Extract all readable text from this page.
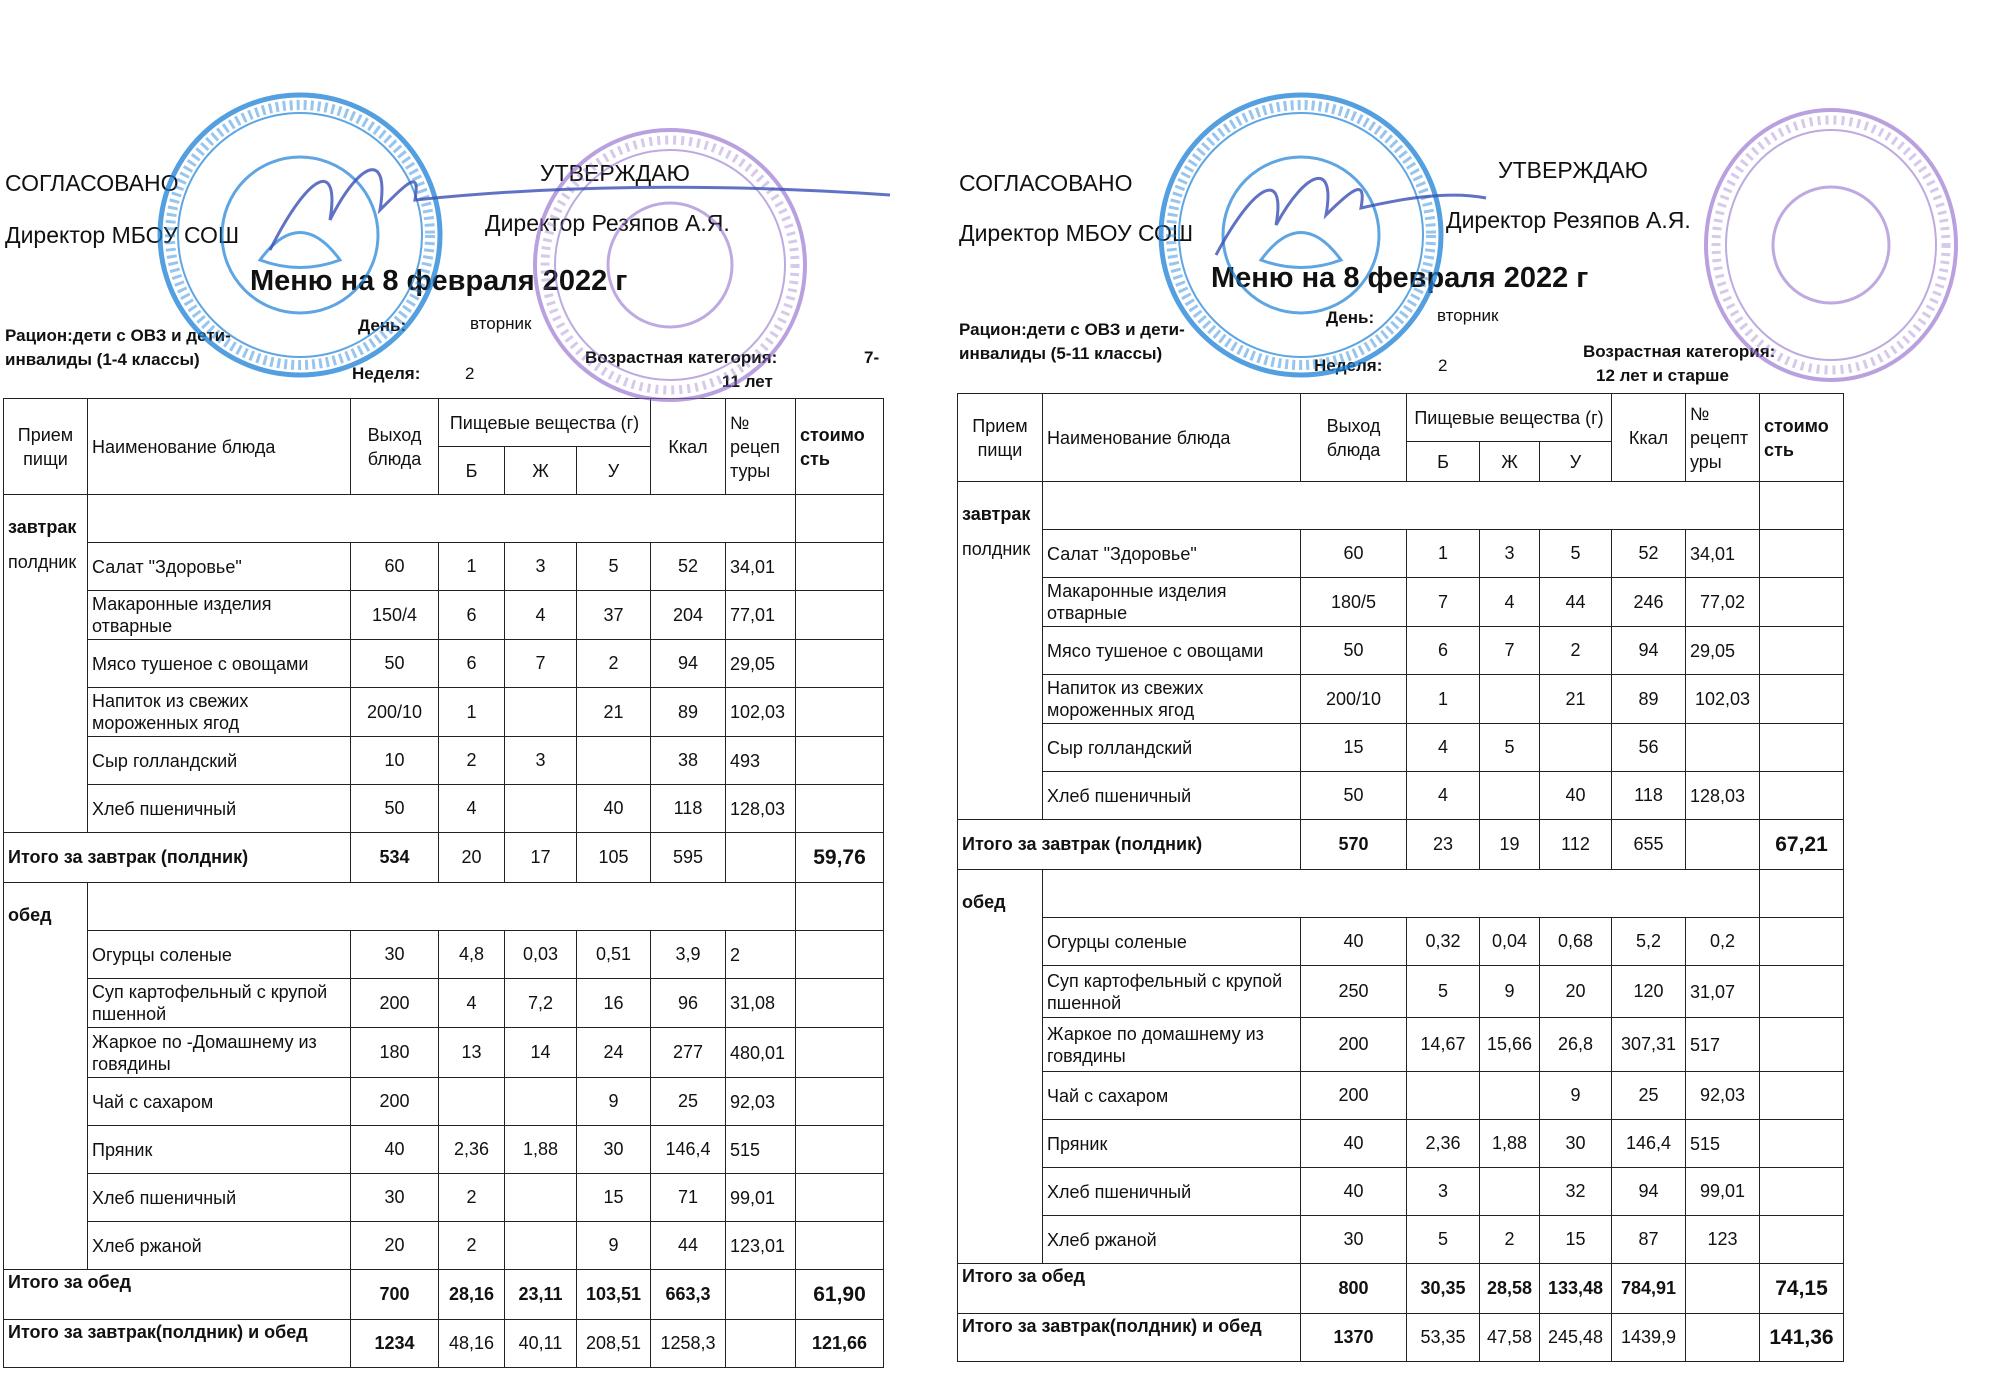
СОГЛАСОВАНО
Директор МБОУ СОШ
УТВЕРЖДАЮ
Директор Резяпов А.Я.
Меню на 8 февраля 2022 г
Рацион:дети с ОВЗ и дети-
инвалиды (1-4 классы)
День:	вторник
Неделя:	2
Возрастная категория:	7-
11 лет
Прием пищи	Наименование блюда	Выход блюда	Пищевые вещества (г)			Ккал	№ рецеп туры	стоимо сть
			Б	Ж	У			

завтрак
полдник								

	Салат "Здоровье"	60	1	3	5	52	34,01	
	Макаронные изделия отварные	150/4	6	4	37	204	77,01	
	Мясо тушеное с овощами	50	6	7	2	94	29,05	
	Напиток из свежих мороженных ягод	200/10	1		21	89	102,03	
	Сыр голландский	10	2	3		38	493	
	Хлеб пшеничный	50	4		40	118	128,03	
Итого за завтрак (полдник)		534	20	17	105	595		59,76

обед								

	Огурцы соленые	30	4,8	0,03	0,51	3,9	2	
	Суп картофельный с крупой пшенной	200	4	7,2	16	96	31,08	
	Жаркое по -Домашнему из говядины	180	13	14	24	277	480,01	
	Чай с сахаром	200			9	25	92,03	
	Пряник	40	2,36	1,88	30	146,4	515	
	Хлеб пшеничный	30	2		15	71	99,01	
	Хлеб ржаной	20	2		9	44	123,01	
Итого за обед		700	28,16	23,11	103,51	663,3		61,90
Итого за завтрак(полдник) и обед		1234	48,16	40,11	208,51	1258,3		121,66
СОГЛАСОВАНО
Директор МБОУ СОШ
УТВЕРЖДАЮ
Директор Резяпов А.Я.
Меню на 8 февраля 2022 г
Рацион:дети с ОВЗ и дети-
инвалиды (5-11 классы)
День:	вторник
Неделя:	2
Возрастная категория:
12 лет и старше
Прием пищи	Наименование блюда	Выход блюда	Пищевые вещества (г)			Ккал	№ рецепт уры	стоимо сть
			Б	Ж	У			

завтрак
полдник								

	Салат "Здоровье"	60	1	3	5	52	34,01	
	Макаронные изделия отварные	180/5	7	4	44	246	77,02	
	Мясо тушеное с овощами	50	6	7	2	94	29,05	
	Напиток из свежих мороженных ягод	200/10	1		21	89	102,03	
	Сыр голландский	15	4	5		56		
	Хлеб пшеничный	50	4		40	118	128,03	
Итого за завтрак (полдник)		570	23	19	112	655		67,21

обед								

	Огурцы соленые	40	0,32	0,04	0,68	5,2	0,2	
	Суп картофельный с крупой пшенной	250	5	9	20	120	31,07	
	Жаркое по домашнему из говядины	200	14,67	15,66	26,8	307,31	517	
	Чай с сахаром	200			9	25	92,03	
	Пряник	40	2,36	1,88	30	146,4	515	
	Хлеб пшеничный	40	3		32	94	99,01	
	Хлеб ржаной	30	5	2	15	87	123	
Итого за обед		800	30,35	28,58	133,48	784,91		74,15
Итого за завтрак(полдник) и обед		1370	53,35	47,58	245,48	1439,9		141,36
